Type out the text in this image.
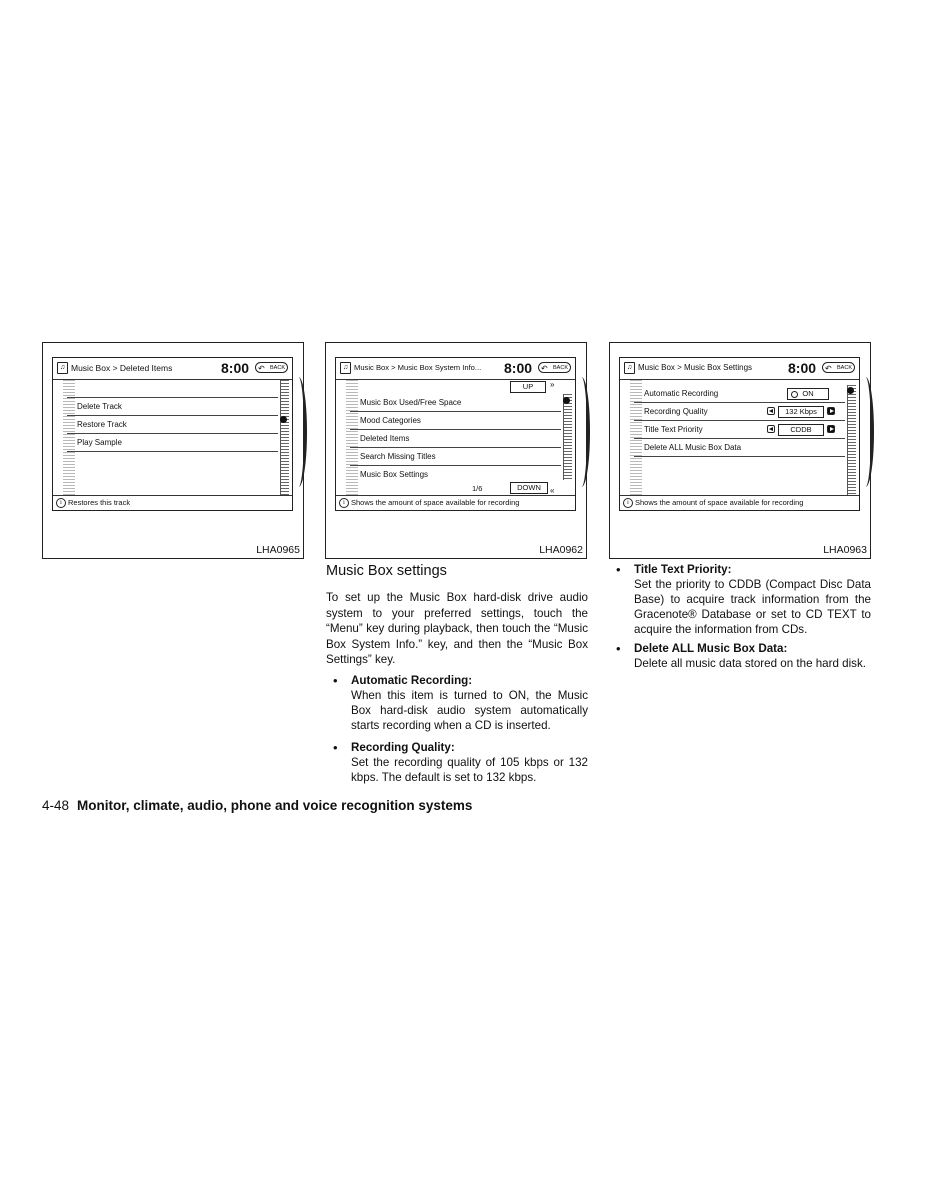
♫ Music Box > Deleted Items	8:00	↶ BACK
Delete Track
Restore Track
Play Sample
i Restores this track
LHA0965
♫ Music Box > Music Box System Info... 8:00	↶ BACK
UP	»
Music Box Used/Free Space
Mood Categories
Deleted Items
Search Missing Titles
Music Box Settings
1/6	DOWN	«
i Shows the amount of space available for recording
LHA0962
♫ Music Box > Music Box Settings	8:00	↶ BACK
Automatic Recording	ON
Recording Quality	132 Kbps
Title Text Priority	CDDB
Delete ALL Music Box Data
i Shows the amount of space available for recording
LHA0963
Music Box settings
To set up the Music Box hard-disk drive audio system to your preferred settings, touch the “Menu” key during playback, then touch the “Music Box System Info.” key, and then the “Music Box Settings” key.
• Automatic Recording:
When this item is turned to ON, the Music Box hard-disk audio system automatically starts recording when a CD is inserted.
• Recording Quality:
Set the recording quality of 105 kbps or 132 kbps. The default is set to 132 kbps.
• Title Text Priority:
Set the priority to CDDB (Compact Disc Data Base) to acquire track information from the Gracenote® Database or set to CD TEXT to acquire the information from CDs.
• Delete ALL Music Box Data:
Delete all music data stored on the hard disk.
4-48 Monitor, climate, audio, phone and voice recognition systems
